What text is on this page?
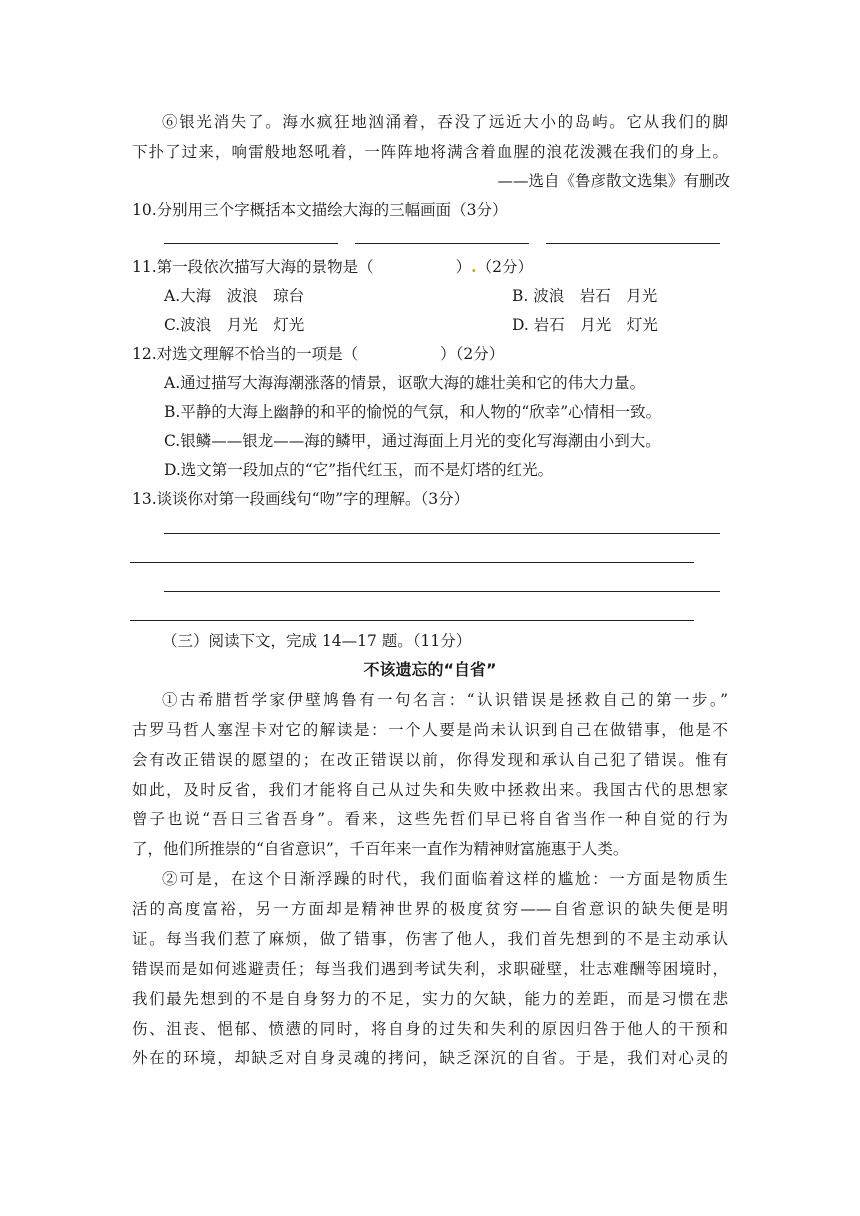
⑥银光消失了。海水疯狂地汹涌着，吞没了远近大小的岛屿。它从我们的脚
下扑了过来，响雷般地怒吼着，一阵阵地将满含着血腥的浪花泼溅在我们的身上。
——选自《鲁彦散文选集》有删改
10.分别用三个字概括本文描绘大海的三幅画面（3分）
11.第一段依次描写大海的景物是（	）.（2分）
A.大海　波浪　琼台	B. 波浪　岩石　月光
C.波浪　月光　灯光	D. 岩石　月光　灯光
12.对选文理解不恰当的一项是（	）（2分）
A.通过描写大海海潮涨落的情景，讴歌大海的雄壮美和它的伟大力量。
B.平静的大海上幽静的和平的愉悦的气氛，和人物的“欣幸”心情相一致。
C.银鳞——银龙——海的鳞甲，通过海面上月光的变化写海潮由小到大。
D.选文第一段加点的“它”指代红玉，而不是灯塔的红光。
13.谈谈你对第一段画线句“吻”字的理解。（3分）
（三）阅读下文，完成 14—17 题。（11分）
不该遗忘的“自省”
①古希腊哲学家伊壁鸠鲁有一句名言：“认识错误是拯救自己的第一步。”
古罗马哲人塞涅卡对它的解读是：一个人要是尚未认识到自己在做错事，他是不
会有改正错误的愿望的；在改正错误以前，你得发现和承认自己犯了错误。惟有
如此，及时反省，我们才能将自己从过失和失败中拯救出来。我国古代的思想家
曾子也说“吾日三省吾身”。看来，这些先哲们早已将自省当作一种自觉的行为
了，他们所推崇的“自省意识”，千百年来一直作为精神财富施惠于人类。
②可是，在这个日渐浮躁的时代，我们面临着这样的尴尬：一方面是物质生
活的高度富裕，另一方面却是精神世界的极度贫穷——自省意识的缺失便是明
证。每当我们惹了麻烦，做了错事，伤害了他人，我们首先想到的不是主动承认
错误而是如何逃避责任；每当我们遇到考试失利，求职碰壁，壮志难酬等困境时，
我们最先想到的不是自身努力的不足，实力的欠缺，能力的差距，而是习惯在悲
伤、沮丧、悒郁、愤懑的同时，将自身的过失和失利的原因归咎于他人的干预和
外在的环境，却缺乏对自身灵魂的拷问，缺乏深沉的自省。于是，我们对心灵的
